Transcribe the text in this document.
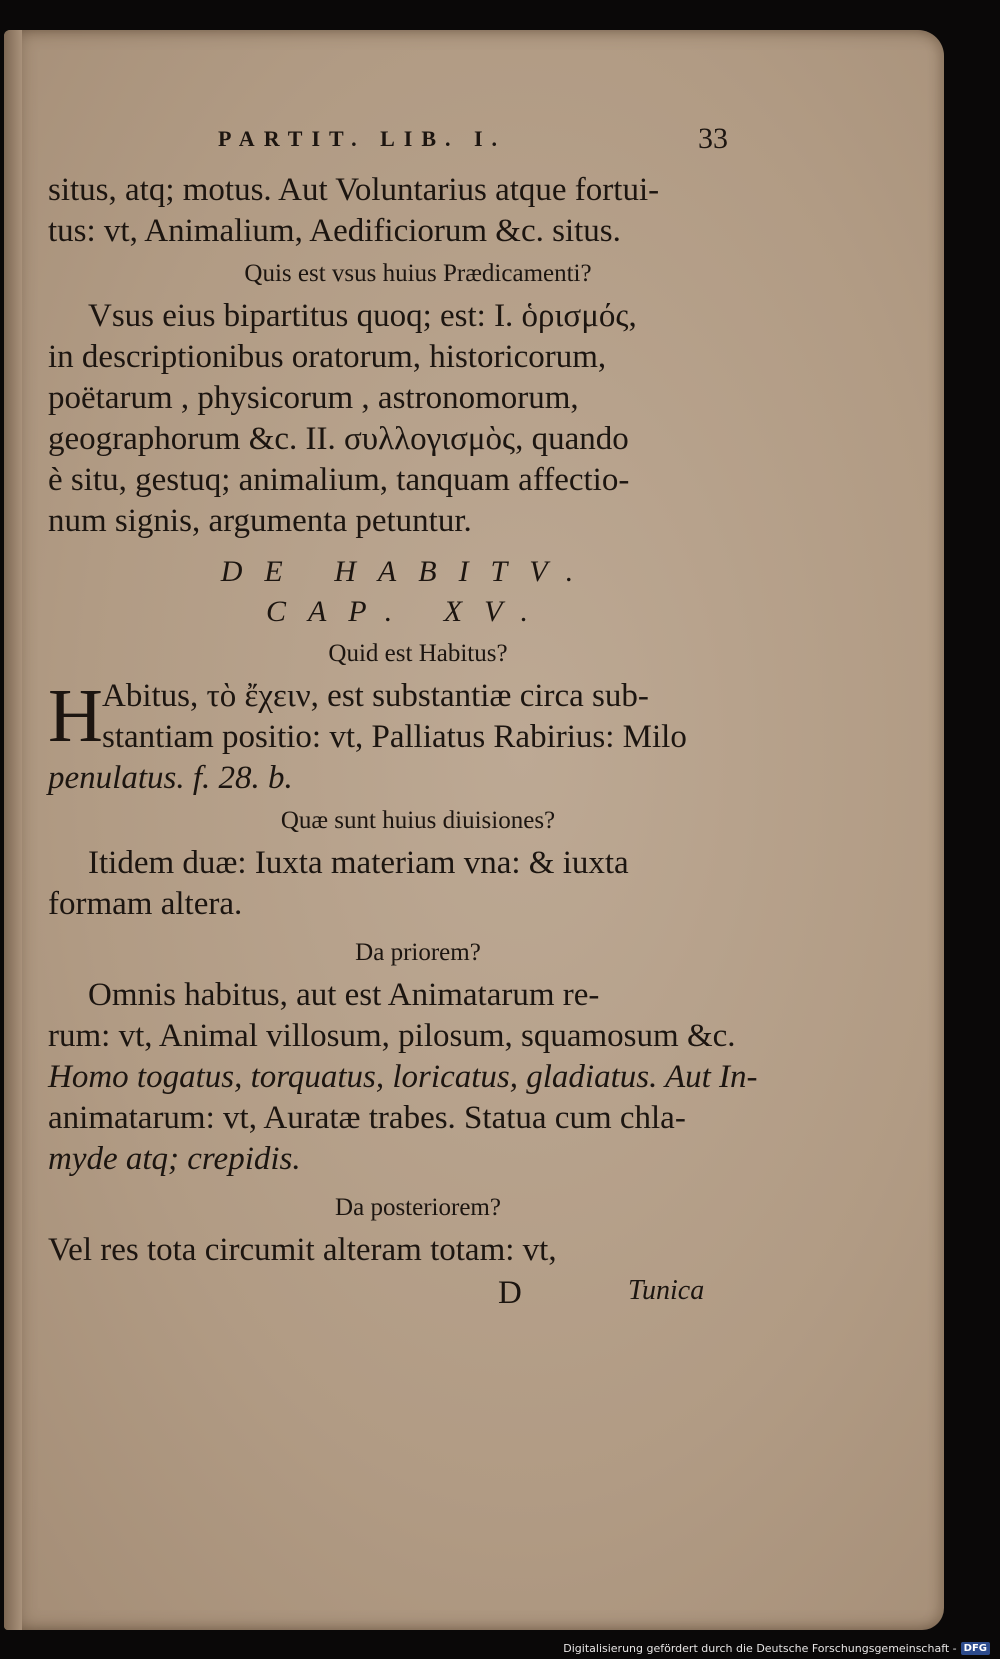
PARTIT. LIB. I.	33
situs, atq; motus. Aut Voluntarius atque fortui-
tus: vt, Animalium, Aedificiorum &c. situs.
Quis est vsus huius Prædicamenti?
Vsus eius bipartitus quoq; est: I. ὁρισμός,
in descriptionibus oratorum, historicorum,
poëtarum , physicorum , astronomorum,
geographorum &c. II. συλλογισμὸς, quando
è situ, gestuq; animalium, tanquam affectio-
num signis, argumenta petuntur.
DE HABITV.
CAP. XV.
Quid est Habitus?
H Abitus, τὸ ἔχειν, est substantiæ circa sub-
stantiam positio: vt, Palliatus Rabirius: Milo
penulatus. f. 28. b.
Quæ sunt huius diuisiones?
Itidem duæ: Iuxta materiam vna: & iuxta
formam altera.
Da priorem?
Omnis habitus, aut est Animatarum re-
rum: vt, Animal villosum, pilosum, squamosum &c.
Homo togatus, torquatus, loricatus, gladiatus. Aut In-
animatarum: vt, Auratæ trabes. Statua cum chla-
myde atq; crepidis.
Da posteriorem?
Vel res tota circumit alteram totam: vt,
D	Tunica
Digitalisierung gefördert durch die Deutsche Forschungsgemeinschaft - DFG
